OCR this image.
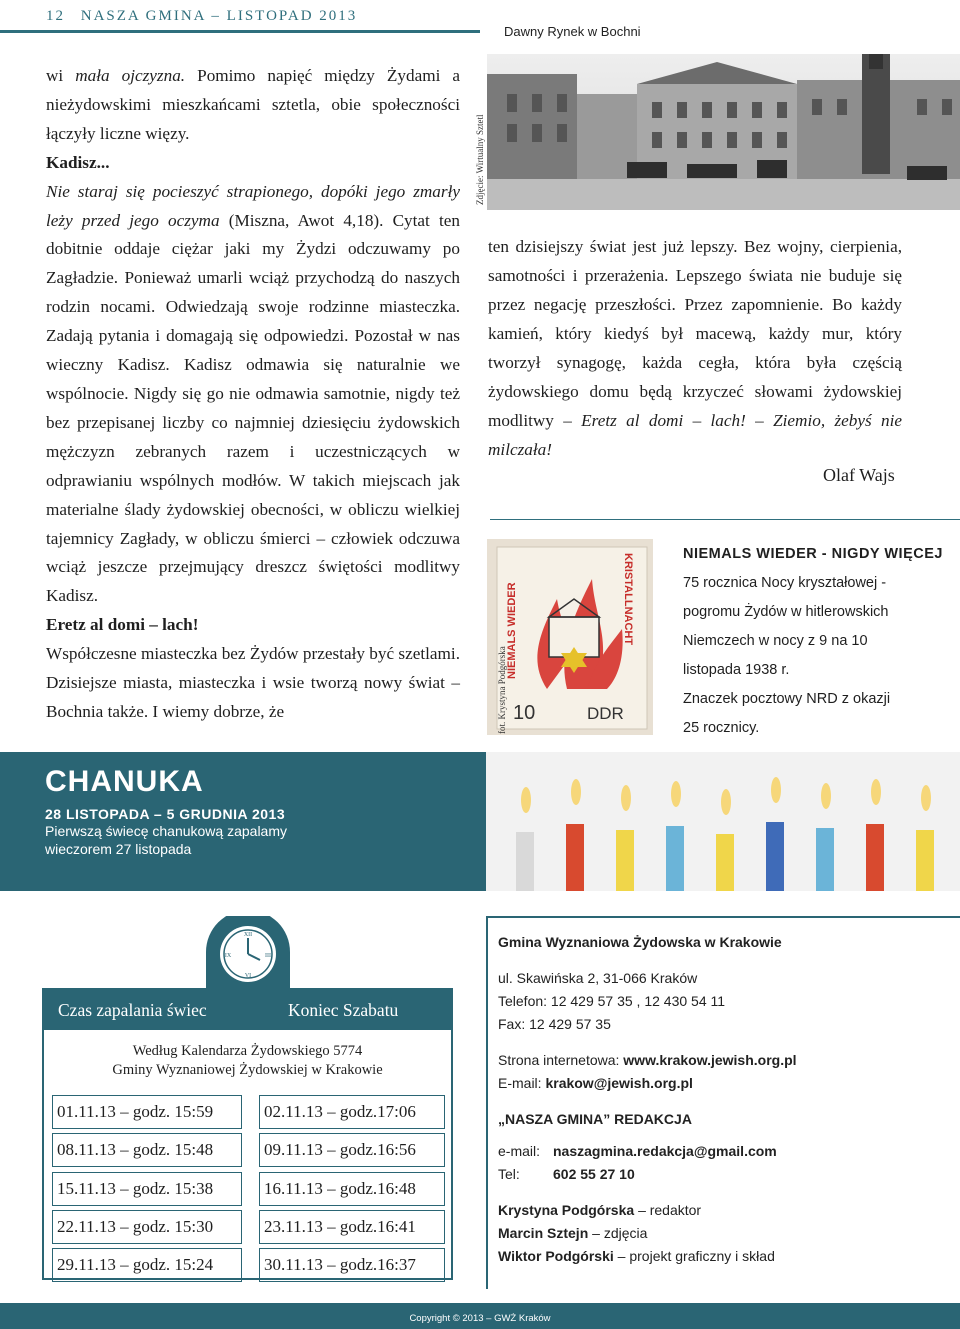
12 NASZA GMINA – LISTOPAD 2013

wi mała ojczyzna. Pomimo napięć między Żydami a nieżydowskimi mieszkańcami sztetla, obie społeczności łączyły liczne więzy.

Kadisz...

Nie staraj się pocieszyć strapionego, dopóki jego zmarły leży przed jego oczyma (Miszna, Awot 4,18). Cytat ten dobitnie oddaje ciężar jaki my Żydzi odczuwamy po Zagładzie. Ponieważ umarli wciąż przychodzą do naszych rodzin nocami. Odwiedzają swoje rodzinne miasteczka. Zadają pytania i domagają się odpowiedzi. Pozostał w nas wieczny Kadisz. Kadisz odmawia się naturalnie we wspólnocie. Nigdy się go nie odmawia samotnie, nigdy też bez przepisanej liczby co najmniej dziesięciu żydowskich mężczyzn zebranych razem i uczestniczących w odprawianiu wspólnych modłów. W takich miejscach jak materialne ślady żydowskiej obecności, w obliczu wielkiej tajemnicy Zagłady, w obliczu śmierci – człowiek odczuwa wciąż jeszcze przejmujący dreszcz świętości modlitwy Kadisz.

Eretz al domi – lach!

Współczesne miasteczka bez Żydów przestały być szetlami. Dzisiejsze miasta, miasteczka i wsie tworzą nowy świat – Bochnia także. I wiemy dobrze, że

Dawny Rynek w Bochni
Zdjęcie: Wirtualny Sztetl
ten dzisiejszy świat jest już lepszy. Bez wojny, cierpienia, samotności i przerażenia. Lepszego świata nie buduje się przez negację przeszłości. Przez zapomnienie. Bo każdy kamień, który kiedyś był macewą, każdy mur, który tworzył synagogę, każda cegła, która była częścią żydowskiego domu będą krzyczeć słowami żydowskiej modlitwy – Eretz al domi – lach! – Ziemio, żebyś nie milczała!
Olaf Wajs
NIEMALS WIEDER	KRISTALLNACHT
10	DDR
fot. Krystyna Podgórska
NIEMALS WIEDER - NIGDY WIĘCEJ
75 rocznica Nocy kryształowej -
pogromu Żydów w hitlerowskich
Niemczech w nocy z 9 na 10
listopada 1938 r.
Znaczek pocztowy NRD z okazji
25 rocznicy.
CHANUKA
28 LISTOPADA – 5 GRUDNIA 2013
Pierwszą świecę chanukową zapalamy
wieczorem 27 listopada
XII
III
VI
IX
Czas zapalania świec	Koniec Szabatu
Według Kalendarza Żydowskiego 5774
Gminy Wyznaniowej Żydowskiej w Krakowie
01.11.13 – godz. 15:59	02.11.13 – godz.17:06
08.11.13 – godz. 15:48	09.11.13 – godz.16:56
15.11.13 – godz. 15:38	16.11.13 – godz.16:48
22.11.13 – godz. 15:30	23.11.13 – godz.16:41
29.11.13 – godz. 15:24	30.11.13 – godz.16:37
Gmina Wyznaniowa Żydowska w Krakowie
ul. Skawińska 2, 31-066 Kraków
Telefon: 12 429 57 35 , 12 430 54 11
Fax: 12 429 57 35
Strona internetowa: www.krakow.jewish.org.pl
E-mail: krakow@jewish.org.pl
„NASZA GMINA” REDAKCJA
e-mail: naszagmina.redakcja@gmail.com
Tel: 602 55 27 10
Krystyna Podgórska – redaktor
Marcin Sztejn – zdjęcia
Wiktor Podgórski – projekt graficzny i skład
Copyright © 2013 – GWŻ Kraków
